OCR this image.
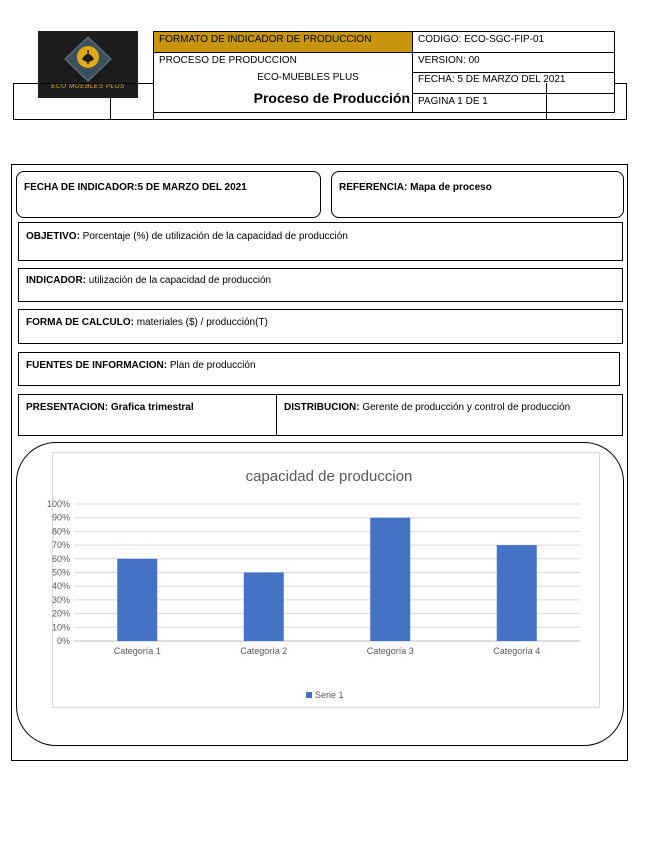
ECO MUEBLES PLUS
FORMATO DE INDICADOR DE PRODUCCION
PROCESO DE PRODUCCION
ECO-MUEBLES PLUS
Proceso de Producción
CODIGO: ECO-SGC-FIP-01
VERSION: 00
FECHA: 5 DE MARZO DEL 2021
PAGINA 1 DE 1
FECHA DE INDICADOR:5 DE MARZO DEL 2021	REFERENCIA: Mapa de proceso
OBJETIVO: Porcentaje (%) de utilización de la capacidad de producción
INDICADOR: utilización de la capacidad de producción
FORMA DE CALCULO: materiales ($) / producción(T)
FUENTES DE INFORMACION: Plan de producción
PRESENTACION: Grafica trimestral	DISTRIBUCION: Gerente de producción y control de producción
capacidad de produccion
0%
10%
20%
30%
40%
50%
60%
70%
80%
90%
100%
Categoría 1	Categoría 2	Categoría 3	Categoría 4
Serie 1
